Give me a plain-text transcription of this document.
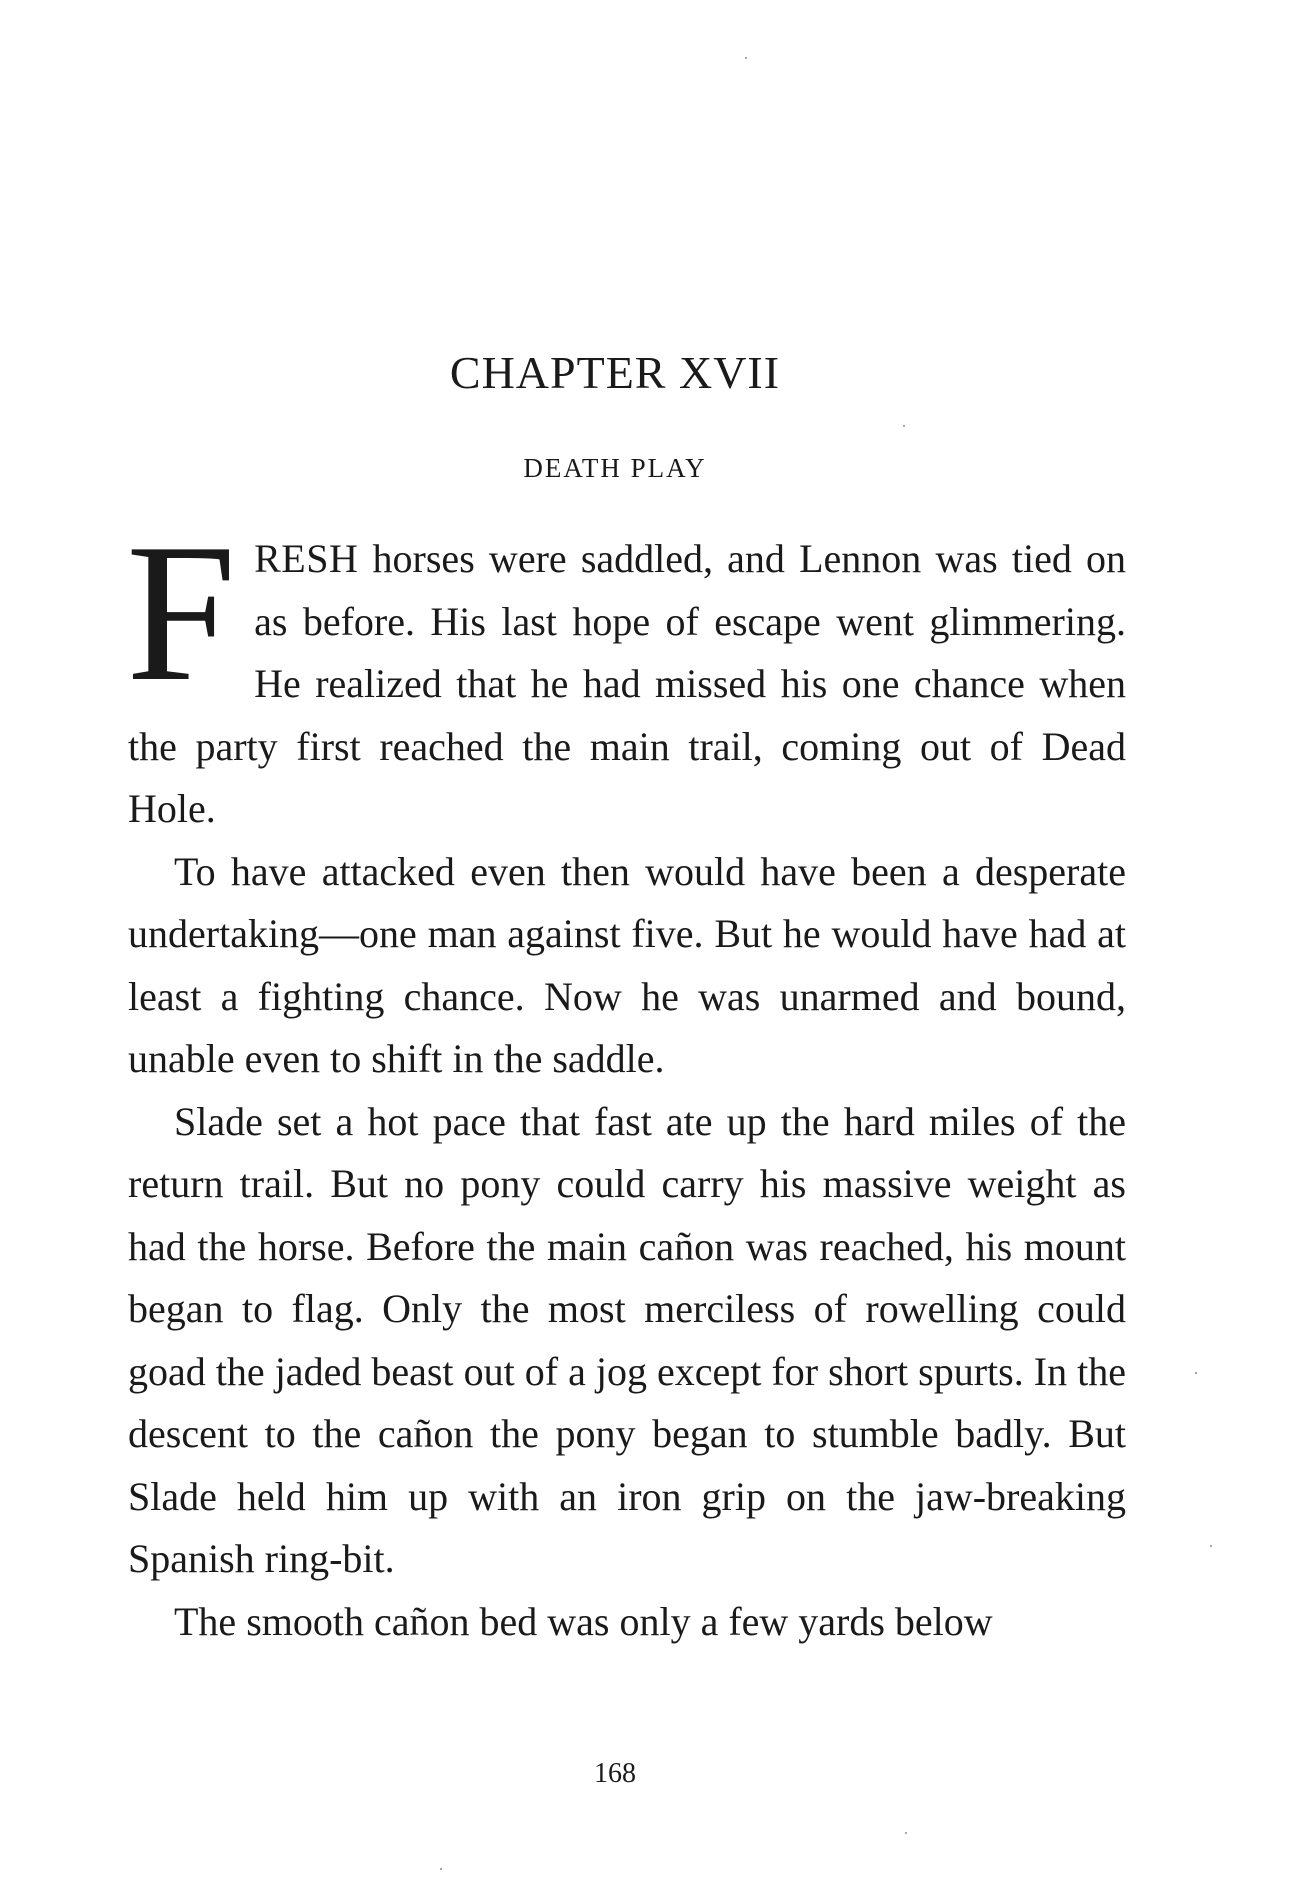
CHAPTER XVII
DEATH PLAY

FRESH horses were saddled, and Lennon was tied on as before. His last hope of escape went glimmering. He realized that he had missed his one chance when the party first reached the main trail, coming out of Dead Hole.

To have attacked even then would have been a desperate undertaking—one man against five. But he would have had at least a fighting chance. Now he was unarmed and bound, unable even to shift in the saddle.

Slade set a hot pace that fast ate up the hard miles of the return trail. But no pony could carry his massive weight as had the horse. Before the main cañon was reached, his mount began to flag. Only the most merciless of rowelling could goad the jaded beast out of a jog except for short spurts. In the descent to the cañon the pony began to stumble badly. But Slade held him up with an iron grip on the jaw-breaking Spanish ring-bit.

The smooth cañon bed was only a few yards below

168
